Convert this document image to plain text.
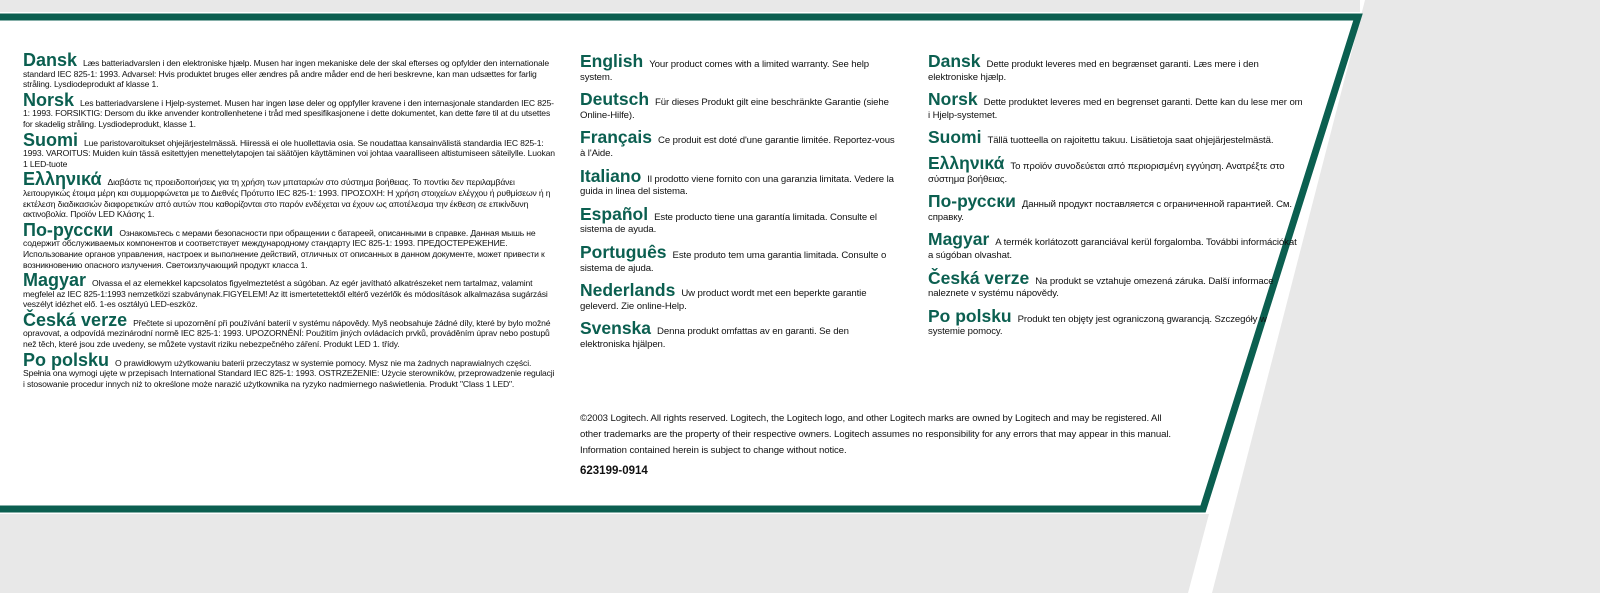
Dansk Læs batteriadvarslen i den elektroniske hjælp. Musen har ingen mekaniske dele der skal efterses og opfylder den internationale standard IEC 825-1: 1993. Advarsel: Hvis produktet bruges eller ændres på andre måder end de heri beskrevne, kan man udsættes for farlig stråling. Lysdiodeprodukt af klasse 1.

Norsk Les batteriadvarslene i Hjelp-systemet. Musen har ingen løse deler og oppfyller kravene i den internasjonale standarden IEC 825-1: 1993. FORSIKTIG: Dersom du ikke anvender kontrollenhetene i tråd med spesifikasjonene i dette dokumentet, kan dette føre til at du utsettes for skadelig stråling. Lysdiodeprodukt, klasse 1.

Suomi Lue paristovaroitukset ohjejärjestelmässä. Hiiressä ei ole huollettavia osia. Se noudattaa kansainvälistä standardia IEC 825-1: 1993. VAROITUS: Muiden kuin tässä esitettyjen menettelytapojen tai säätöjen käyttäminen voi johtaa vaaralliseen altistumiseen säteilylle. Luokan 1 LED-tuote

Ελληνικά Διαβάστε τις προειδοποιήσεις για τη χρήση των μπαταριών στο σύστημα βοήθειας. Το ποντίκι δεν περιλαμβάνει λειτουργικώς έτοιμα μέρη και συμμορφώνεται με το Διεθνές Πρότυπο IEC 825-1: 1993. ΠΡΟΣΟΧΗ: Η χρήση στοιχείων ελέγχου ή ρυθμίσεων ή η εκτέλεση διαδικασιών διαφορετικών από αυτών που καθορίζονται στο παρόν ενδέχεται να έχουν ως αποτέλεσμα την έκθεση σε επικίνδυνη ακτινοβολία. Προϊόν LED Κλάσης 1.

По-русски Ознакомьтесь с мерами безопасности при обращении с батареей, описанными в справке. Данная мышь не содержит обслуживаемых компонентов и соответствует международному стандарту IEC 825-1: 1993. ПРЕДОСТЕРЕЖЕНИЕ. Использование органов управления, настроек и выполнение действий, отличных от описанных в данном документе, может привести к возникновению опасного излучения. Светоизлучающий продукт класса 1.

Magyar Olvassa el az elemekkel kapcsolatos figyelmeztetést a súgóban. Az egér javítható alkatrészeket nem tartalmaz, valamint megfelel az IEC 825-1:1993 nemzetközi szabványnak.FIGYELEM! Az itt ismertetettektől eltérő vezérlők és módosítások alkalmazása sugárzási veszélyt idézhet elő. 1-es osztályú LED-eszköz.

Česká verze Přečtete si upozornění při používání baterií v systému nápovědy. Myš neobsahuje žádné díly, které by bylo možné opravovat, a odpovídá mezinárodní normě IEC 825-1: 1993. UPOZORNĚNÍ: Použitím jiných ovládacích prvků, prováděním úprav nebo postupů než těch, které jsou zde uvedeny, se můžete vystavit riziku nebezpečného záření. Produkt LED 1. třídy.

Po polsku O prawidłowym użytkowaniu baterii przeczytasz w systemie pomocy. Mysz nie ma żadnych naprawialnych części. Spełnia ona wymogi ujęte w przepisach International Standard IEC 825-1: 1993. OSTRZEŻENIE: Użycie sterowników, przeprowadzenie regulacji i stosowanie procedur innych niż to określone może narazić użytkownika na ryzyko nadmiernego naświetlenia. Produkt "Class 1 LED".

English Your product comes with a limited warranty. See help system.

Deutsch Für dieses Produkt gilt eine beschränkte Garantie (siehe Online-Hilfe).

Français Ce produit est doté d'une garantie limitée. Reportez-vous à l'Aide.

Italiano Il prodotto viene fornito con una garanzia limitata. Vedere la guida in linea del sistema.

Español Este producto tiene una garantía limitada. Consulte el sistema de ayuda.

Português Este produto tem uma garantia limitada. Consulte o sistema de ajuda.

Nederlands Uw product wordt met een beperkte garantie geleverd. Zie online-Help.

Svenska Denna produkt omfattas av en garanti. Se den elektroniska hjälpen.

Dansk Dette produkt leveres med en begrænset garanti. Læs mere i den elektroniske hjælp.

Norsk Dette produktet leveres med en begrenset garanti. Dette kan du lese mer om i Hjelp-systemet.

Suomi Tällä tuotteella on rajoitettu takuu. Lisätietoja saat ohjejärjestelmästä.

Ελληνικά Το προϊόν συνοδεύεται από περιορισμένη εγγύηση. Ανατρέξτε στο σύστημα βοήθειας.

По-русски Данный продукт поставляется с ограниченной гарантией. См. справку.

Magyar A termék korlátozott garanciával kerül forgalomba. További információkat a súgóban olvashat.

Česká verze Na produkt se vztahuje omezená záruka. Další informace naleznete v systému nápovědy.

Po polsku Produkt ten objęty jest ograniczoną gwarancją. Szczegóły w systemie pomocy.

©2003 Logitech. All rights reserved. Logitech, the Logitech logo, and other Logitech marks are owned by Logitech and may be registered. All other trademarks are the property of their respective owners. Logitech assumes no responsibility for any errors that may appear in this manual. Information contained herein is subject to change without notice.
623199-0914
